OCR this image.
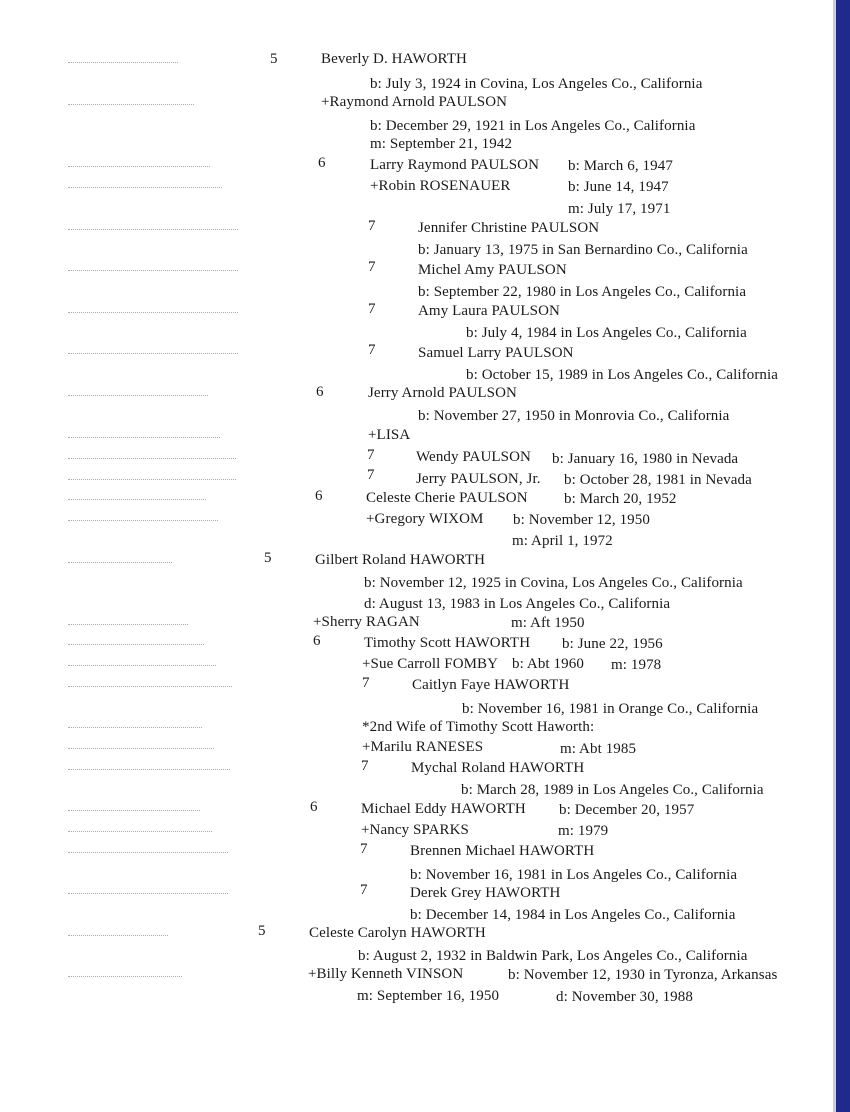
5	Beverly D. HAWORTH
b: July 3, 1924 in Covina, Los Angeles Co., California
+Raymond Arnold PAULSON
b: December 29, 1921 in Los Angeles Co., California
m: September 21, 1942
6	Larry Raymond PAULSON b: March 6, 1947
+Robin ROSENAUER	b: June 14, 1947
m: July 17, 1971
7	Jennifer Christine PAULSON
b: January 13, 1975 in San Bernardino Co., California
7	Michel Amy PAULSON
b: September 22, 1980 in Los Angeles Co., California
7	Amy Laura PAULSON
b: July 4, 1984 in Los Angeles Co., California
7	Samuel Larry PAULSON
b: October 15, 1989 in Los Angeles Co., California
6	Jerry Arnold PAULSON
b: November 27, 1950 in Monrovia Co., California
+LISA
7	Wendy PAULSON b: January 16, 1980 in Nevada
7	Jerry PAULSON, Jr. b: October 28, 1981 in Nevada
6	Celeste Cherie PAULSON b: March 20, 1952
+Gregory WIXOM b: November 12, 1950
m: April 1, 1972
5	Gilbert Roland HAWORTH
b: November 12, 1925 in Covina, Los Angeles Co., California
d: August 13, 1983 in Los Angeles Co., California
+Sherry RAGAN	m: Aft 1950
6	Timothy Scott HAWORTH b: June 22, 1956
+Sue Carroll FOMBY b: Abt 1960 m: 1978
7	Caitlyn Faye HAWORTH
b: November 16, 1981 in Orange Co., California
*2nd Wife of Timothy Scott Haworth:
+Marilu RANESES	m: Abt 1985
7	Mychal Roland HAWORTH
b: March 28, 1989 in Los Angeles Co., California
6	Michael Eddy HAWORTH b: December 20, 1957
+Nancy SPARKS	m: 1979
7	Brennen Michael HAWORTH
b: November 16, 1981 in Los Angeles Co., California
7	Derek Grey HAWORTH
b: December 14, 1984 in Los Angeles Co., California
5	Celeste Carolyn HAWORTH
b: August 2, 1932 in Baldwin Park, Los Angeles Co., California
+Billy Kenneth VINSON	b: November 12, 1930 in Tyronza, Arkansas
m: September 16, 1950	d: November 30, 1988
